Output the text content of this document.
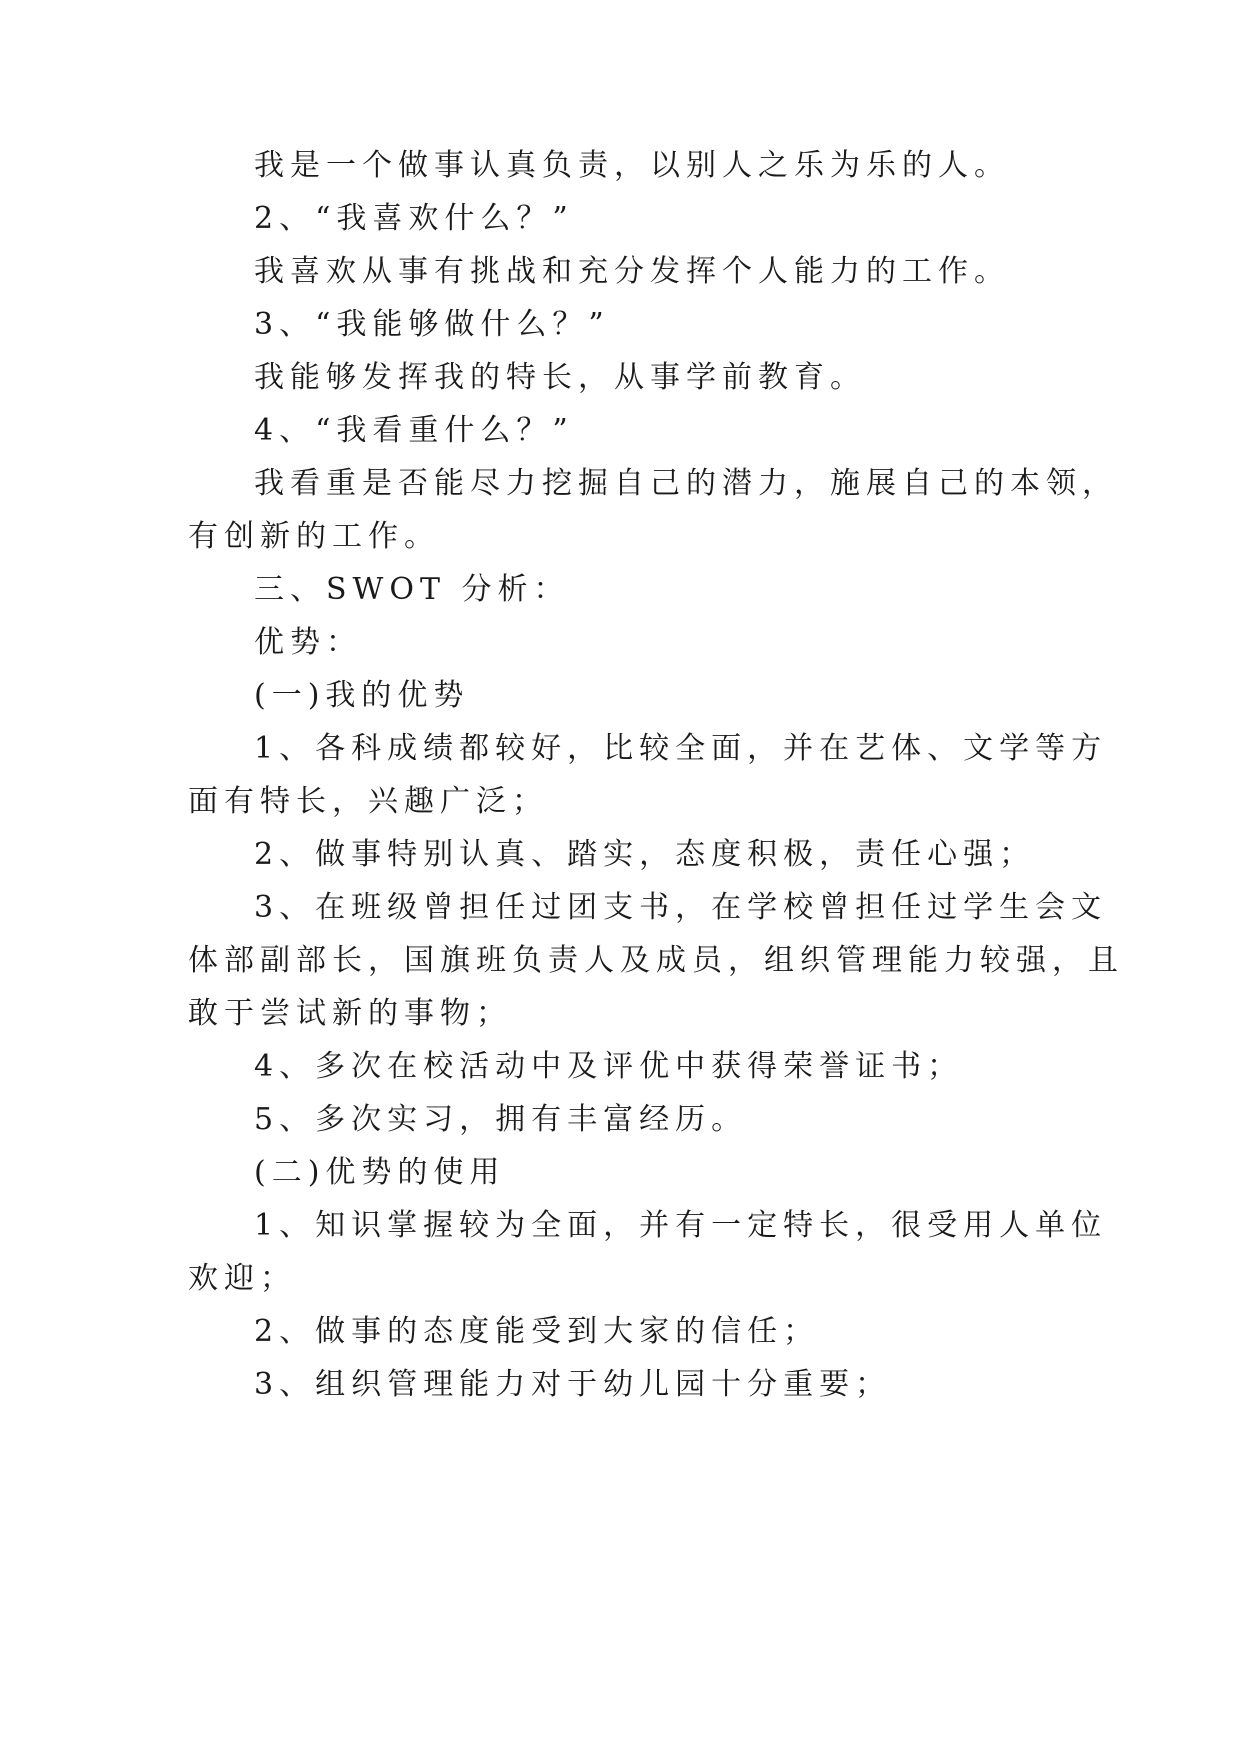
我是一个做事认真负责，以别人之乐为乐的人。
2、“我喜欢什么？”
我喜欢从事有挑战和充分发挥个人能力的工作。
3、“我能够做什么？”
我能够发挥我的特长，从事学前教育。
4、“我看重什么？”
我看重是否能尽力挖掘自己的潜力，施展自己的本领，
有创新的工作。
三、SWOT 分析：
优势：
(一)我的优势
1、各科成绩都较好，比较全面，并在艺体、文学等方
面有特长，兴趣广泛；
2、做事特别认真、踏实，态度积极，责任心强；
3、在班级曾担任过团支书，在学校曾担任过学生会文
体部副部长，国旗班负责人及成员，组织管理能力较强，且
敢于尝试新的事物；
4、多次在校活动中及评优中获得荣誉证书；
5、多次实习，拥有丰富经历。
(二)优势的使用
1、知识掌握较为全面，并有一定特长，很受用人单位
欢迎；
2、做事的态度能受到大家的信任；
3、组织管理能力对于幼儿园十分重要；
